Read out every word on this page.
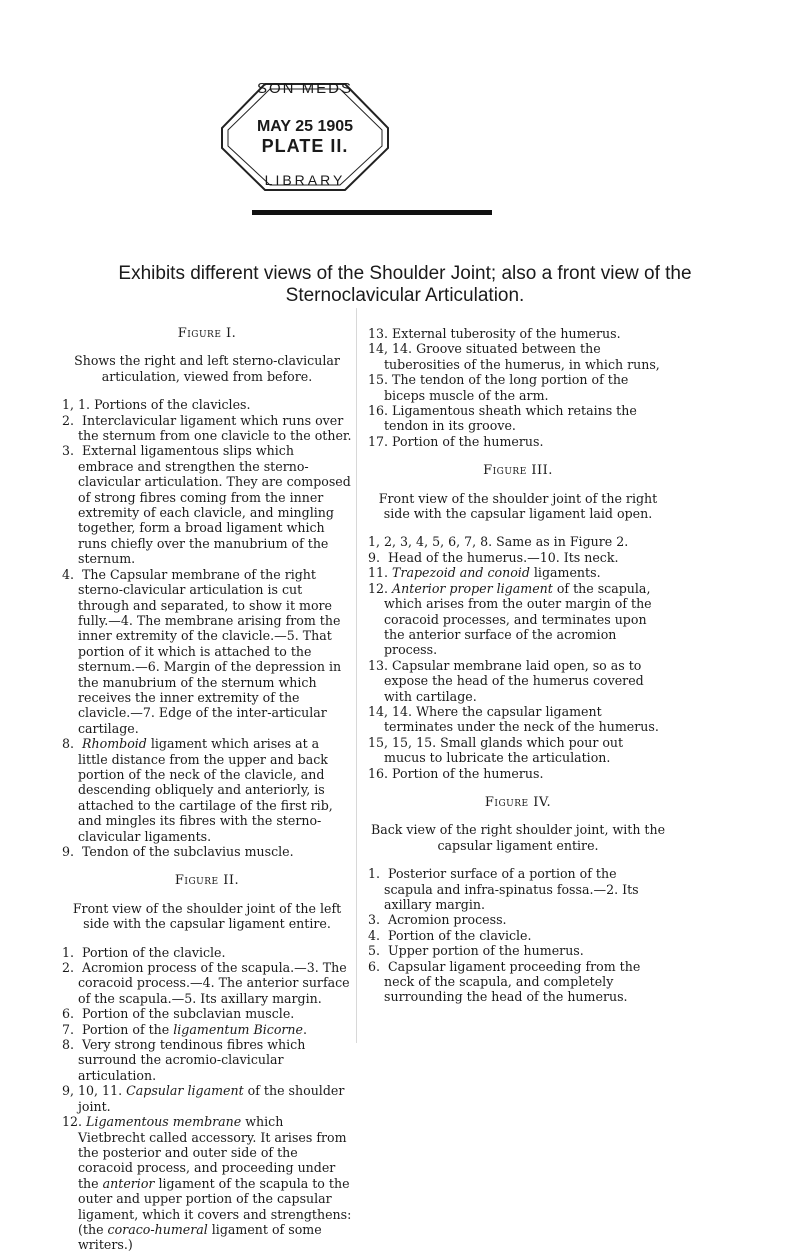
SON MEDS
MAY 25 1905
PLATE II.
LIBRARY
Exhibits different views of the Shoulder Joint; also a front view of the
Sternoclavicular Articulation.
Figure I.
Shows the right and left sterno-clavicular articulation, viewed from before.

1, 1. Portions of the clavicles.

2. Interclavicular ligament which runs over the sternum from one clavicle to the other.

3. External ligamentous slips which embrace and strengthen the sterno-clavicular articulation. They are composed of strong fibres coming from the inner extremity of each clavicle, and mingling together, form a broad ligament which runs chiefly over the manubrium of the sternum.

4. The Capsular membrane of the right sterno-clavicular articulation is cut through and separated, to show it more fully.—4. The membrane arising from the inner extremity of the clavicle.—5. That portion of it which is attached to the sternum.—6. Margin of the depression in the manubrium of the sternum which receives the inner extremity of the clavicle.—7. Edge of the inter-articular cartilage.

8. Rhomboid ligament which arises at a little distance from the upper and back portion of the neck of the clavicle, and descending obliquely and anteriorly, is attached to the cartilage of the first rib, and mingles its fibres with the sterno-clavicular ligaments.

9. Tendon of the subclavius muscle.

Figure II.
Front view of the shoulder joint of the left side with the capsular ligament entire.

1. Portion of the clavicle.

2. Acromion process of the scapula.—3. The coracoid process.—4. The anterior surface of the scapula.—5. Its axillary margin.

6. Portion of the subclavian muscle.

7. Portion of the ligamentum Bicorne.

8. Very strong tendinous fibres which surround the acromio-clavicular articulation.

9, 10, 11. Capsular ligament of the shoulder joint.

12. Ligamentous membrane which Vietbrecht called accessory. It arises from the posterior and outer side of the coracoid process, and proceeding under the anterior ligament of the scapula to the outer and upper portion of the capsular ligament, which it covers and strengthens: (the coraco-humeral ligament of some writers.)

13. External tuberosity of the humerus.

14, 14. Groove situated between the tuberosities of the humerus, in which runs,

15. The tendon of the long portion of the biceps muscle of the arm.

16. Ligamentous sheath which retains the tendon in its groove.

17. Portion of the humerus.

Figure III.
Front view of the shoulder joint of the right side with the capsular ligament laid open.

1, 2, 3, 4, 5, 6, 7, 8. Same as in Figure 2.

9. Head of the humerus.—10. Its neck.

11. Trapezoid and conoid ligaments.

12. Anterior proper ligament of the scapula, which arises from the outer margin of the coracoid processes, and terminates upon the anterior surface of the acromion process.

13. Capsular membrane laid open, so as to expose the head of the humerus covered with cartilage.

14, 14. Where the capsular ligament terminates under the neck of the humerus.

15, 15, 15. Small glands which pour out mucus to lubricate the articulation.

16. Portion of the humerus.

Figure IV.
Back view of the right shoulder joint, with the capsular ligament entire.

1. Posterior surface of a portion of the scapula and infra-spinatus fossa.—2. Its axillary margin.

3. Acromion process.

4. Portion of the clavicle.

5. Upper portion of the humerus.

6. Capsular ligament proceeding from the neck of the scapula, and completely surrounding the head of the humerus.
